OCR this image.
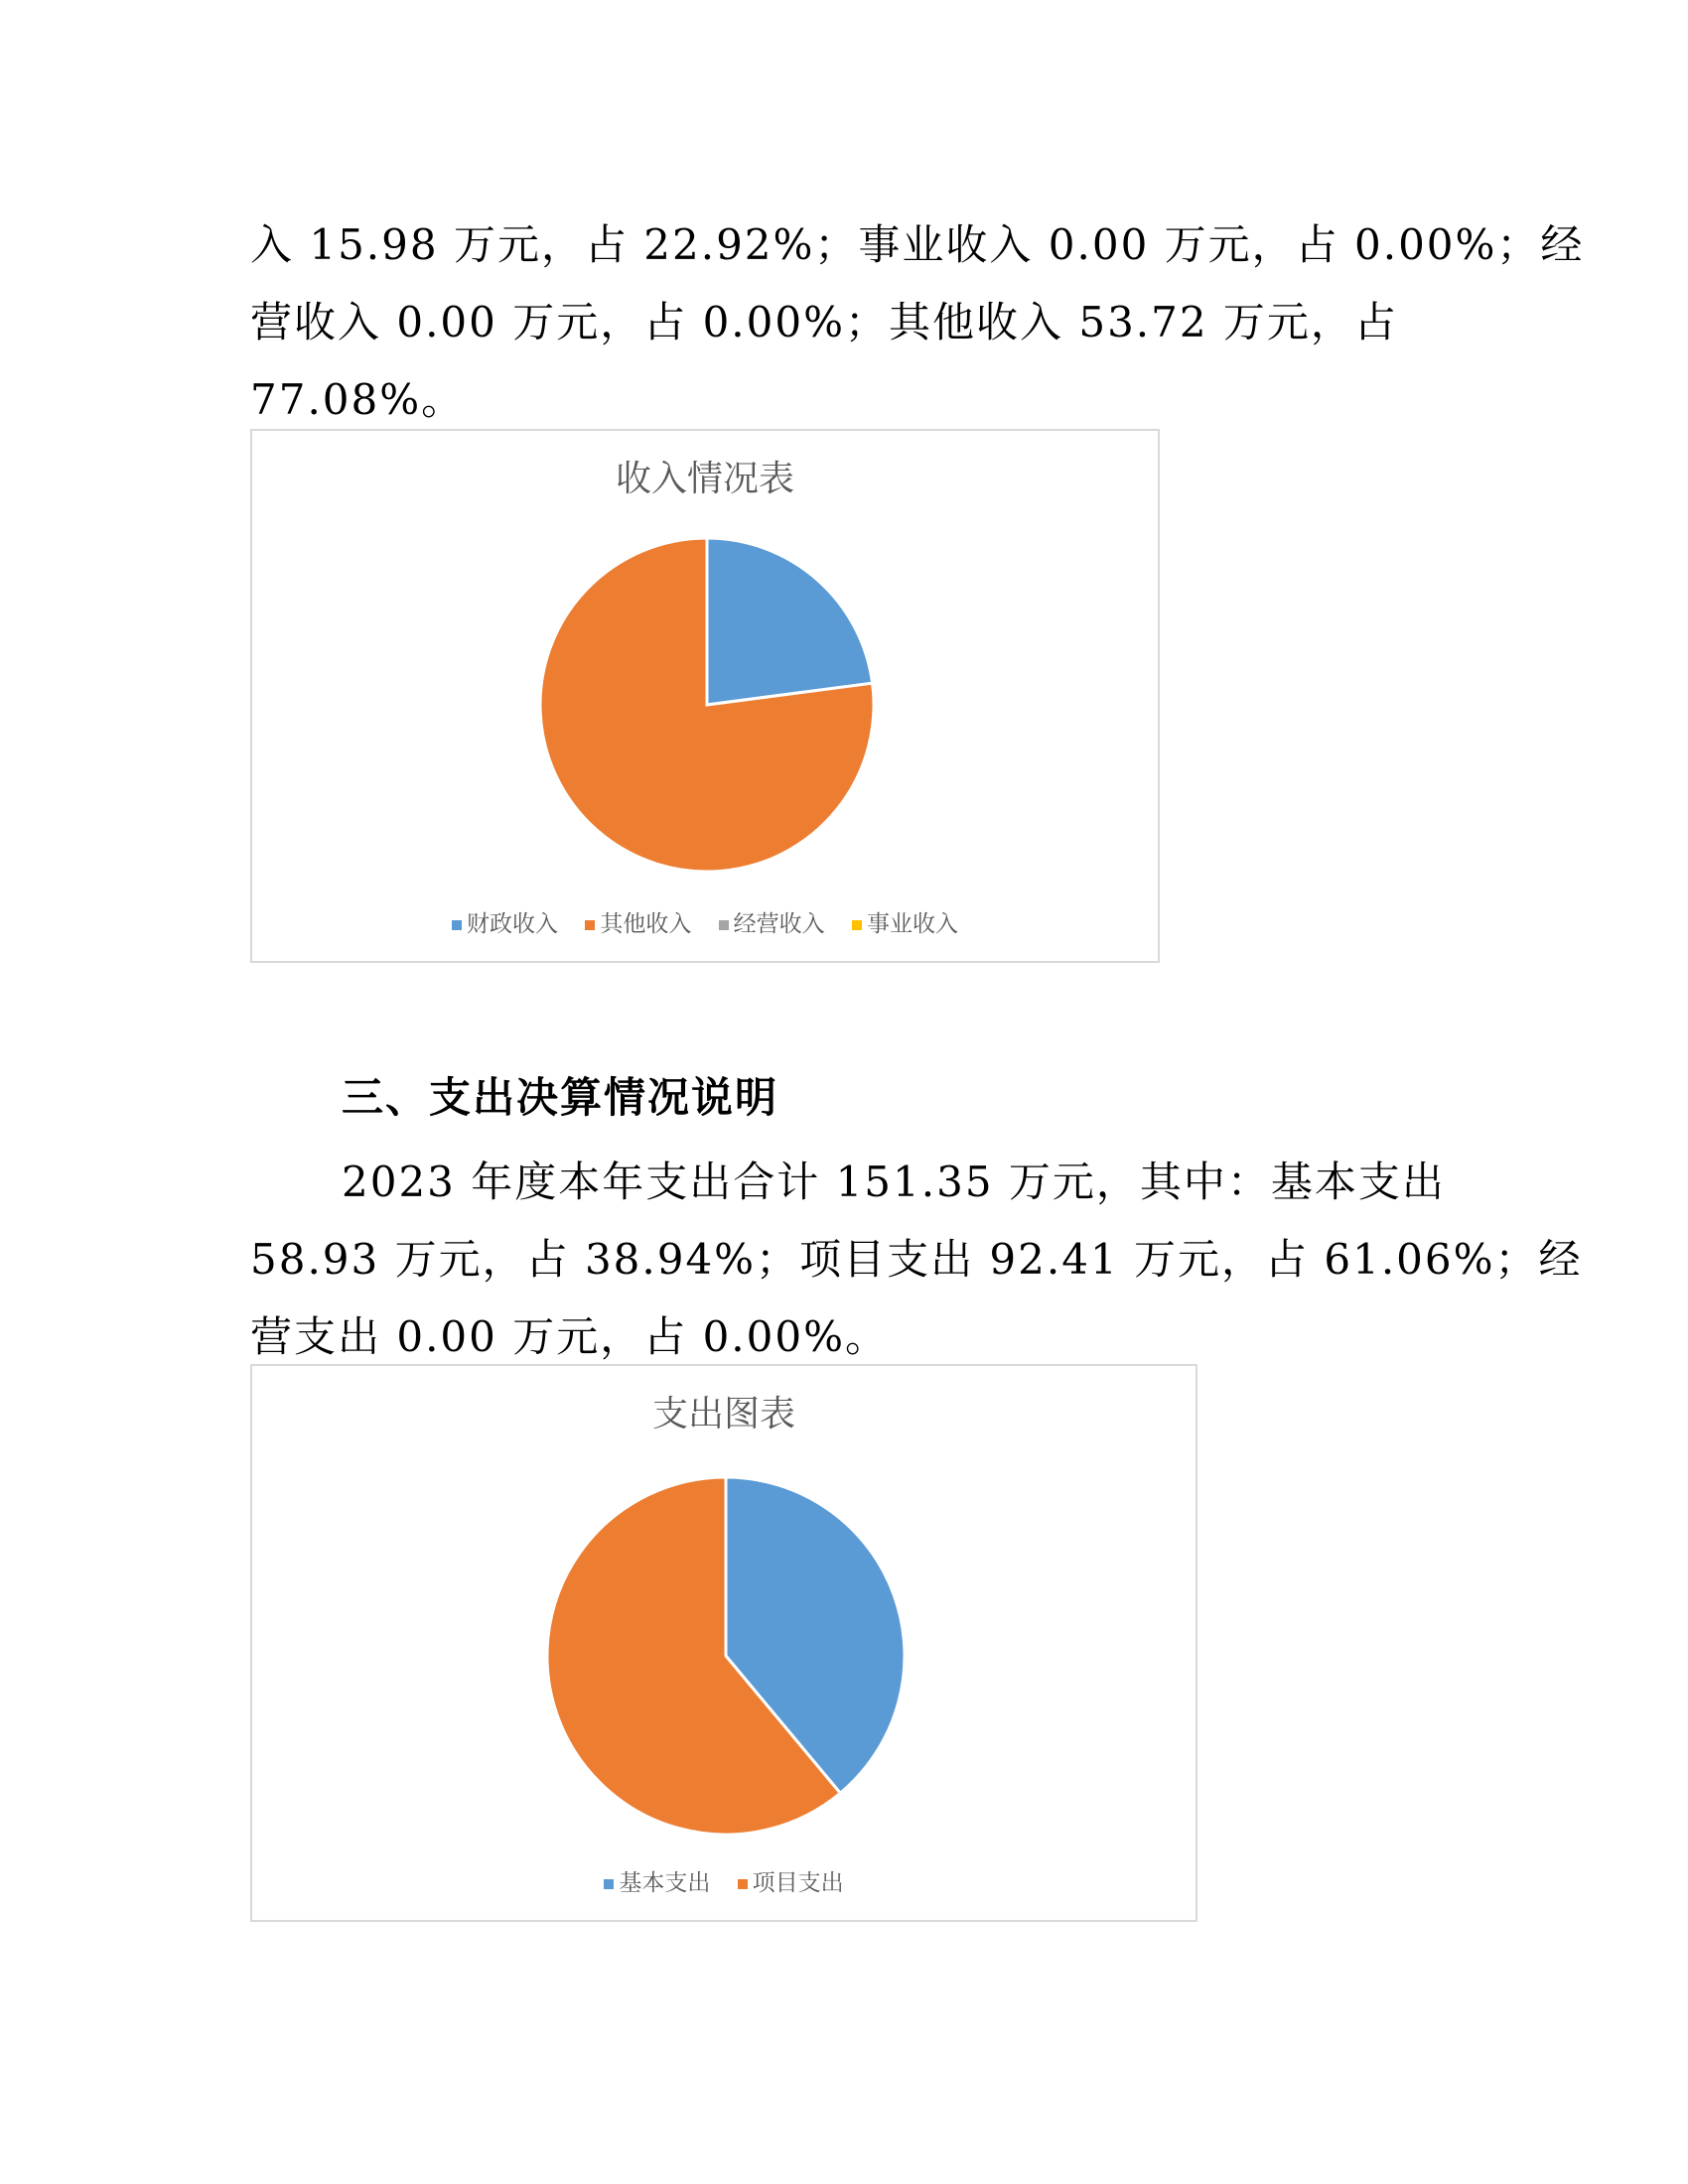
入 15.98 万元，占 22.92%；事业收入 0.00 万元，占 0.00%；经
营收入 0.00 万元，占 0.00%；其他收入 53.72 万元，占
77.08%。
收入情况表
财政收入 其他收入 经营收入 事业收入
三、支出决算情况说明
2023 年度本年支出合计 151.35 万元，其中：基本支出
58.93 万元，占 38.94%；项目支出 92.41 万元，占 61.06%；经
营支出 0.00 万元，占 0.00%。
支出图表
基本支出 项目支出
